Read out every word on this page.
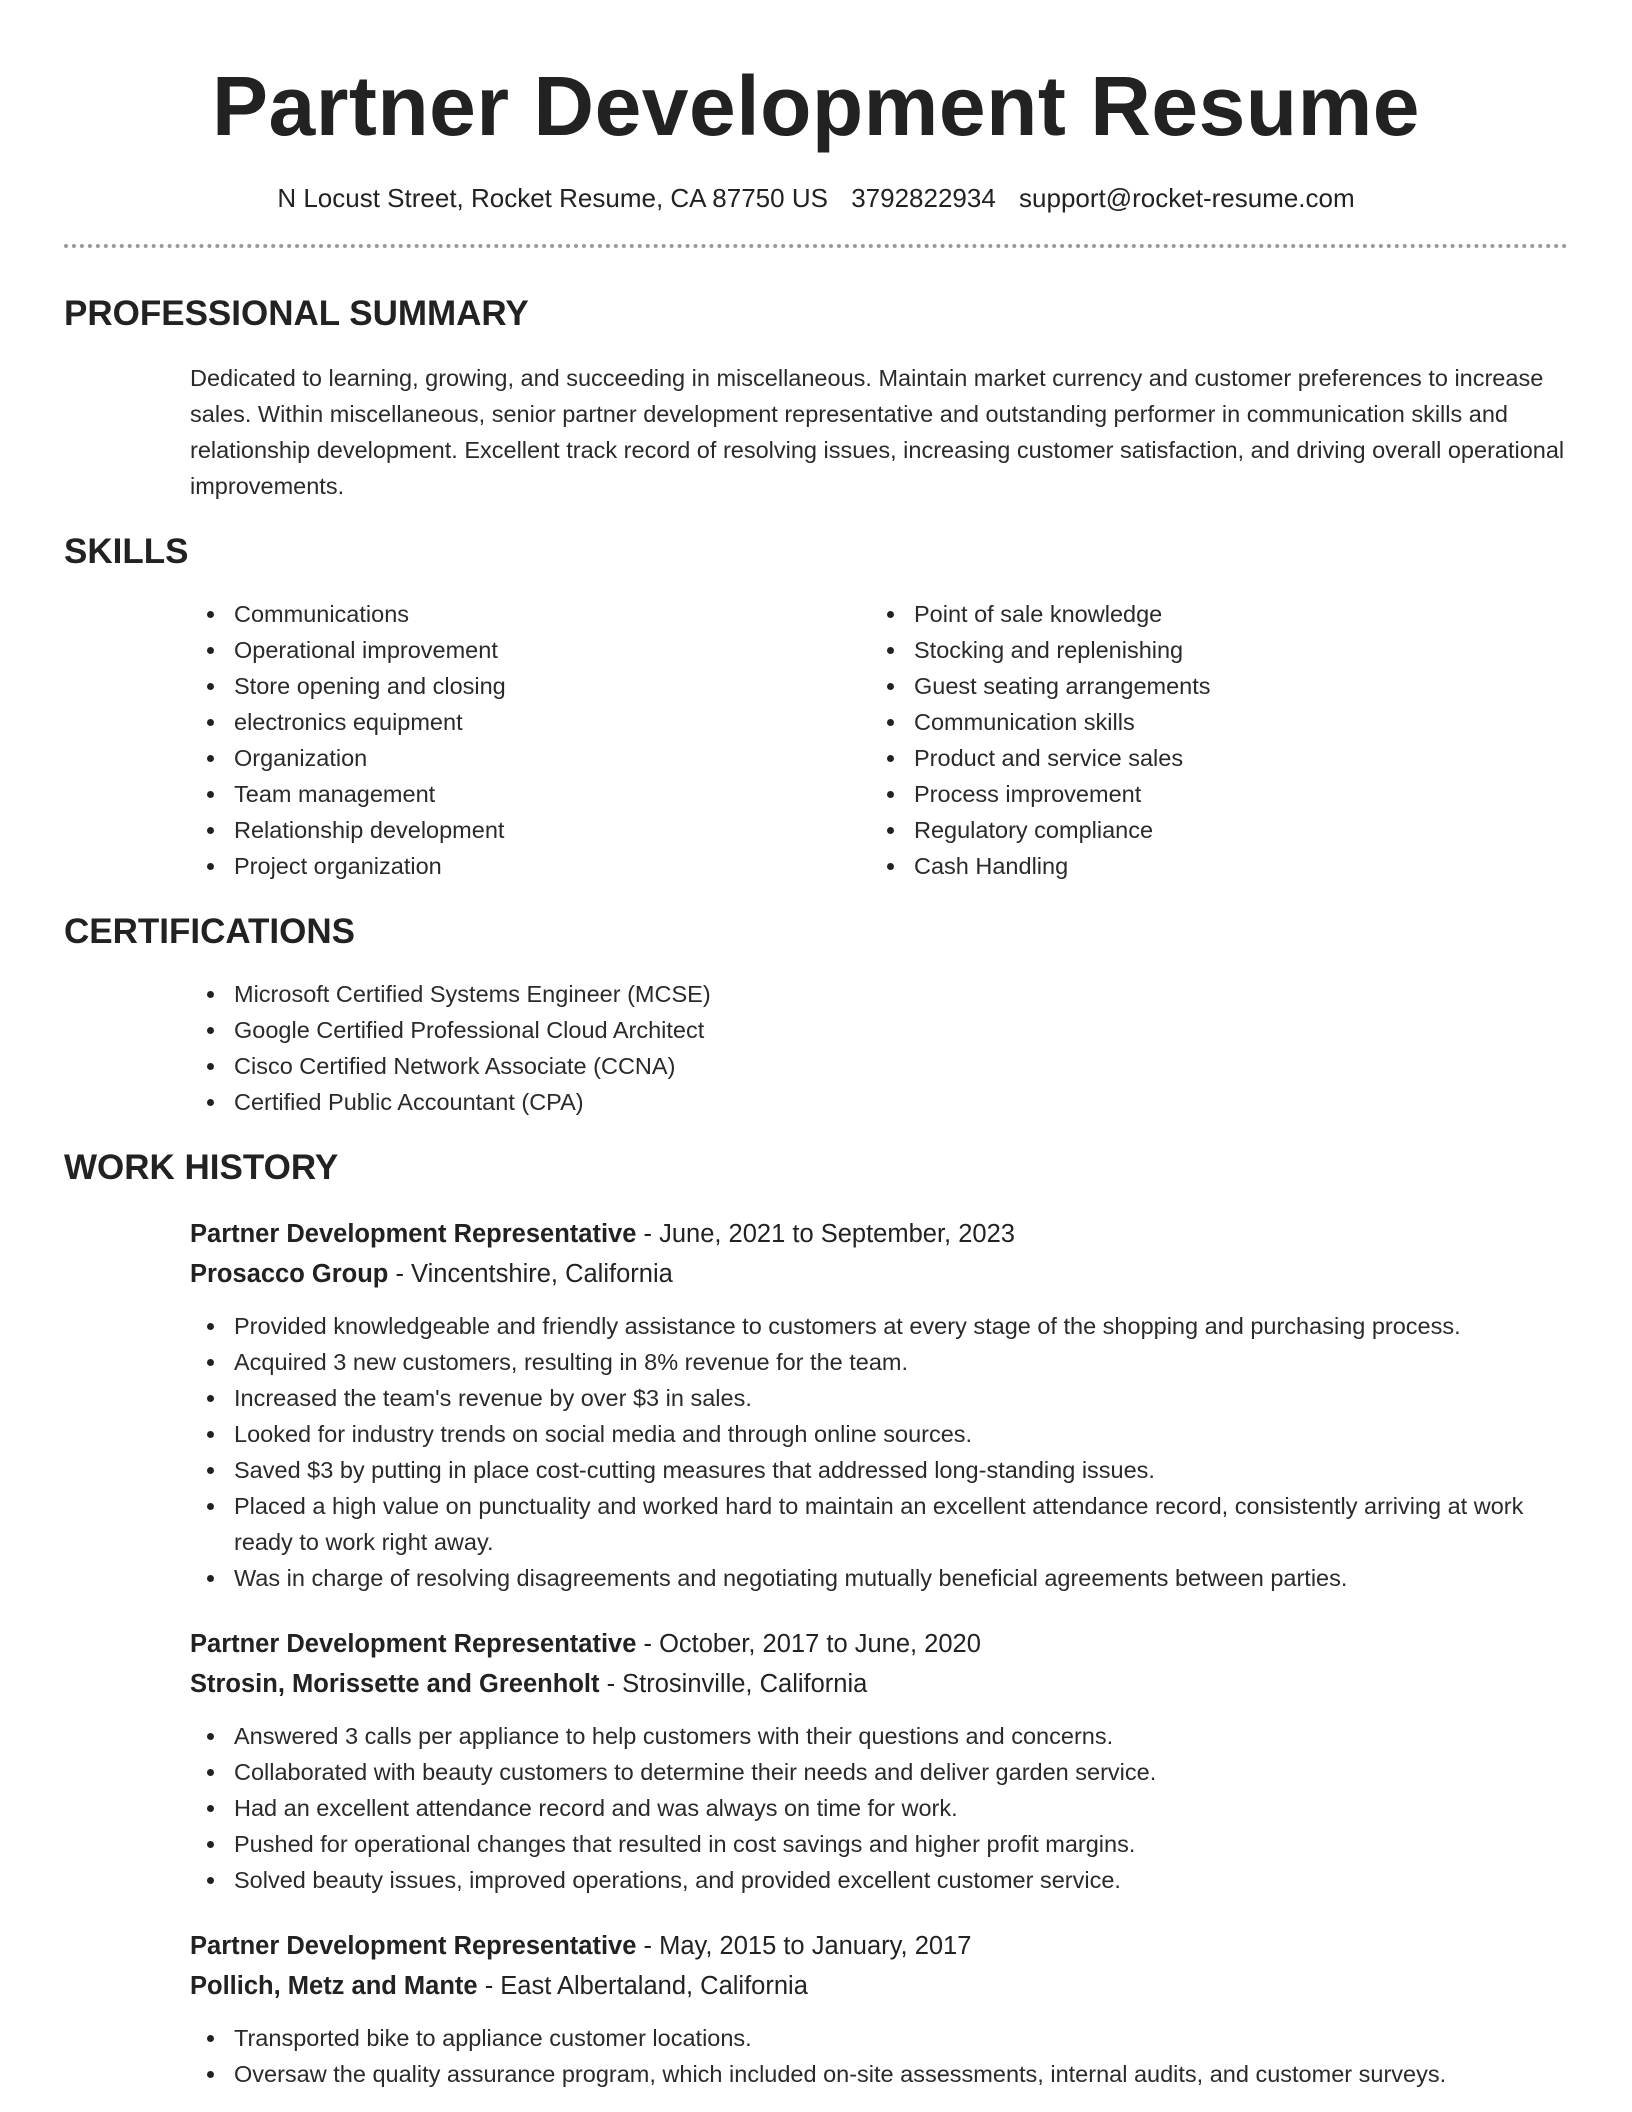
Partner Development Resume
N Locust Street, Rocket Resume, CA 87750 US 3792822934 support@rocket-resume.com
PROFESSIONAL SUMMARY

Dedicated to learning, growing, and succeeding in miscellaneous. Maintain market currency and customer preferences to increase sales. Within miscellaneous, senior partner development representative and outstanding performer in communication skills and relationship development. Excellent track record of resolving issues, increasing customer satisfaction, and driving overall operational improvements.

SKILLS
Communications
Operational improvement
Store opening and closing
electronics equipment
Organization
Team management
Relationship development
Project organization
Point of sale knowledge
Stocking and replenishing
Guest seating arrangements
Communication skills
Product and service sales
Process improvement
Regulatory compliance
Cash Handling
CERTIFICATIONS
Microsoft Certified Systems Engineer (MCSE)
Google Certified Professional Cloud Architect
Cisco Certified Network Associate (CCNA)
Certified Public Accountant (CPA)
WORK HISTORY
Partner Development Representative - June, 2021 to September, 2023
Prosacco Group - Vincentshire, California
Provided knowledgeable and friendly assistance to customers at every stage of the shopping and purchasing process.
Acquired 3 new customers, resulting in 8% revenue for the team.
Increased the team's revenue by over $3 in sales.
Looked for industry trends on social media and through online sources.
Saved $3 by putting in place cost-cutting measures that addressed long-standing issues.
Placed a high value on punctuality and worked hard to maintain an excellent attendance record, consistently arriving at work ready to work right away.
Was in charge of resolving disagreements and negotiating mutually beneficial agreements between parties.
Partner Development Representative - October, 2017 to June, 2020
Strosin, Morissette and Greenholt - Strosinville, California
Answered 3 calls per appliance to help customers with their questions and concerns.
Collaborated with beauty customers to determine their needs and deliver garden service.
Had an excellent attendance record and was always on time for work.
Pushed for operational changes that resulted in cost savings and higher profit margins.
Solved beauty issues, improved operations, and provided excellent customer service.
Partner Development Representative - May, 2015 to January, 2017
Pollich, Metz and Mante - East Albertaland, California
Transported bike to appliance customer locations.
Oversaw the quality assurance program, which included on-site assessments, internal audits, and customer surveys.
